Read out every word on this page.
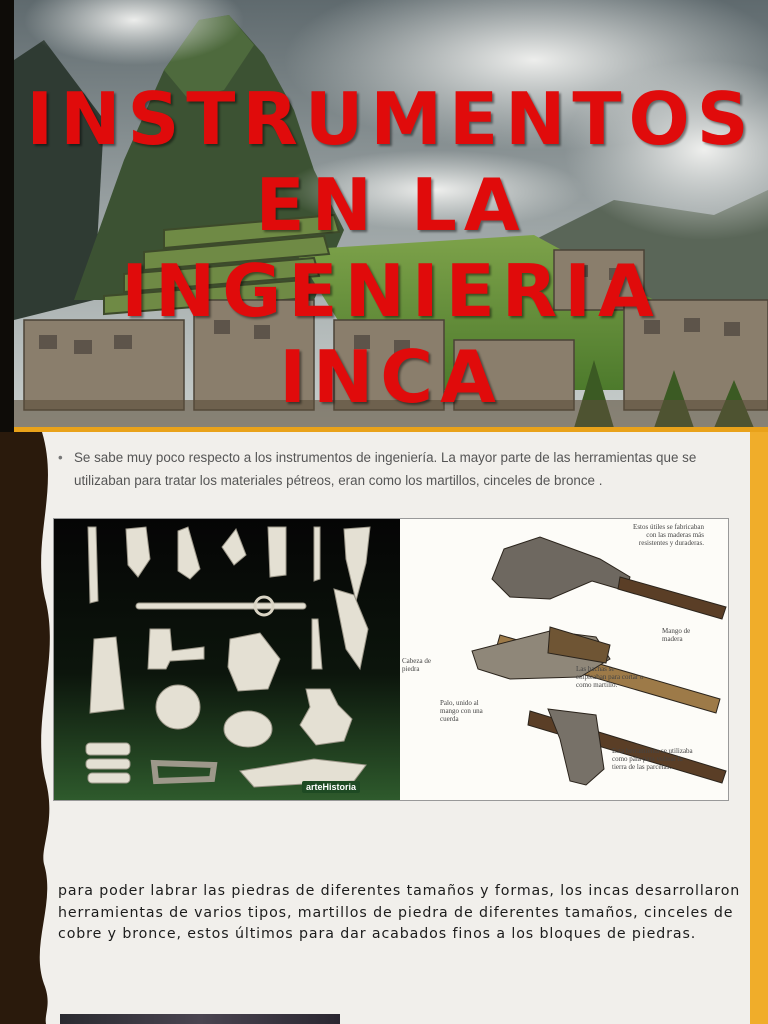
INSTRUMENTOS
EN LA INGENIERIA
INCA
• Se sabe muy poco respecto a los instrumentos de ingeniería. La mayor parte de las herramientas que se utilizaban para tratar los materiales pétreos, eran como los martillos, cinceles de bronce .
arteHistoria
Estos útiles se fabricaban con las maderas más resistentes y duraderas.
Mango de madera
Cabeza de piedra	Las hachas se empleaban para cortar o como martillo.
Palo, unido al mango con una cuerda
Esta herramienta se utilizaba como pala para voltear la tierra de las parcelas.

para poder labrar las piedras de diferentes tamaños y formas, los incas desarrollaron herramientas de varios tipos, martillos de piedra de diferentes tamaños, cinceles de cobre y bronce, estos últimos para dar acabados finos a los bloques de piedras.
